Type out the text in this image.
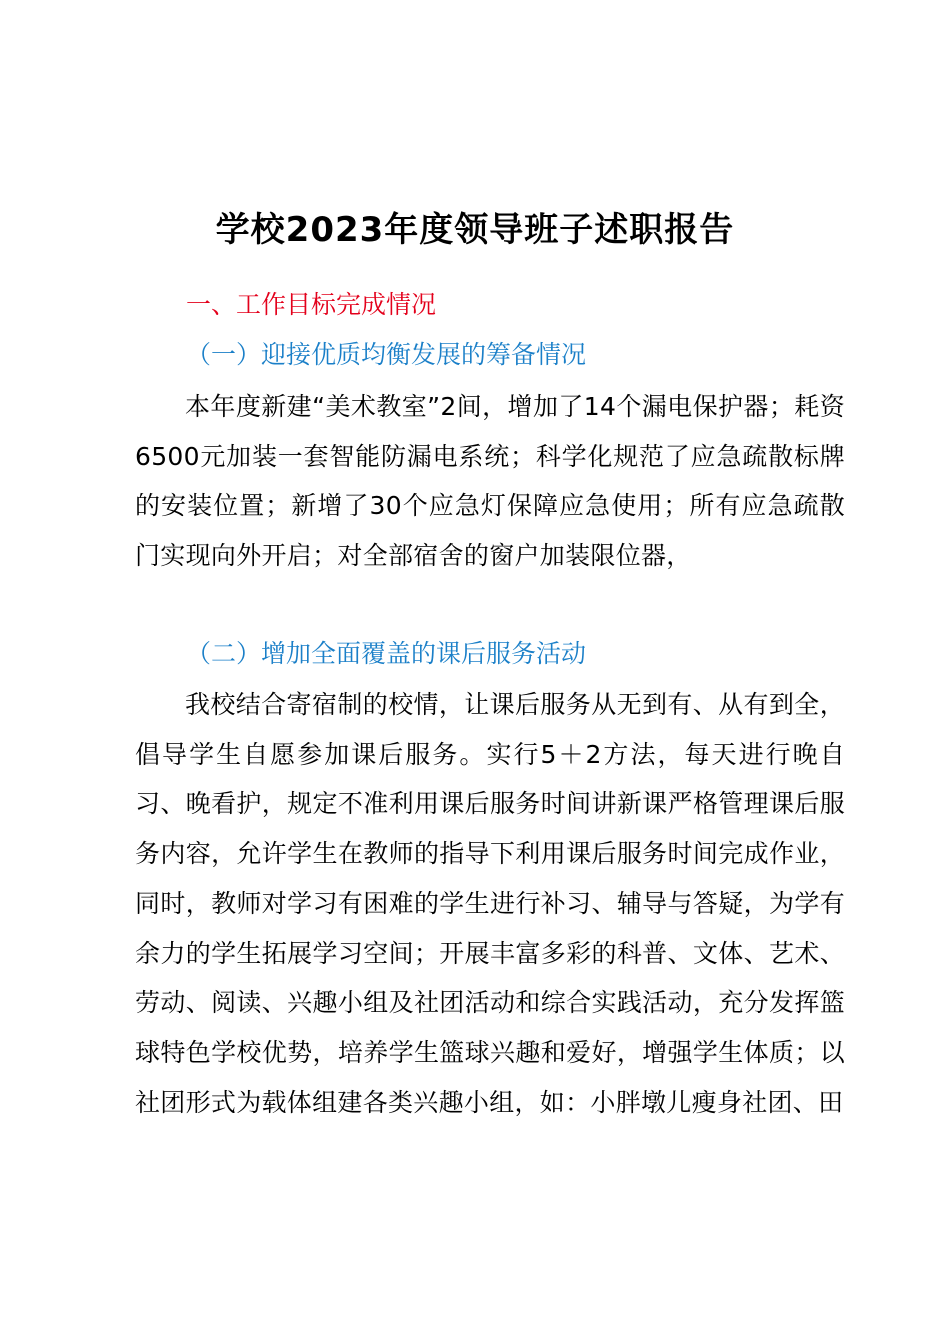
学校2023年度领导班子述职报告
一、工作目标完成情况
（一）迎接优质均衡发展的筹备情况

本年度新建“美术教室”2间，增加了14个漏电保护器；耗资6500元加装一套智能防漏电系统；科学化规范了应急疏散标牌的安装位置；新增了30个应急灯保障应急使用；所有应急疏散门实现向外开启；对全部宿舍的窗户加装限位器，

（二）增加全面覆盖的课后服务活动

我校结合寄宿制的校情，让课后服务从无到有、从有到全，倡导学生自愿参加课后服务。实行5＋2方法，每天进行晚自习、晚看护，规定不准利用课后服务时间讲新课严格管理课后服务内容，允许学生在教师的指导下利用课后服务时间完成作业，同时，教师对学习有困难的学生进行补习、辅导与答疑，为学有余力的学生拓展学习空间；开展丰富多彩的科普、文体、艺术、劳动、阅读、兴趣小组及社团活动和综合实践活动，充分发挥篮球特色学校优势，培养学生篮球兴趣和爱好，增强学生体质；以社团形式为载体组建各类兴趣小组，如：小胖墩儿瘦身社团、田
